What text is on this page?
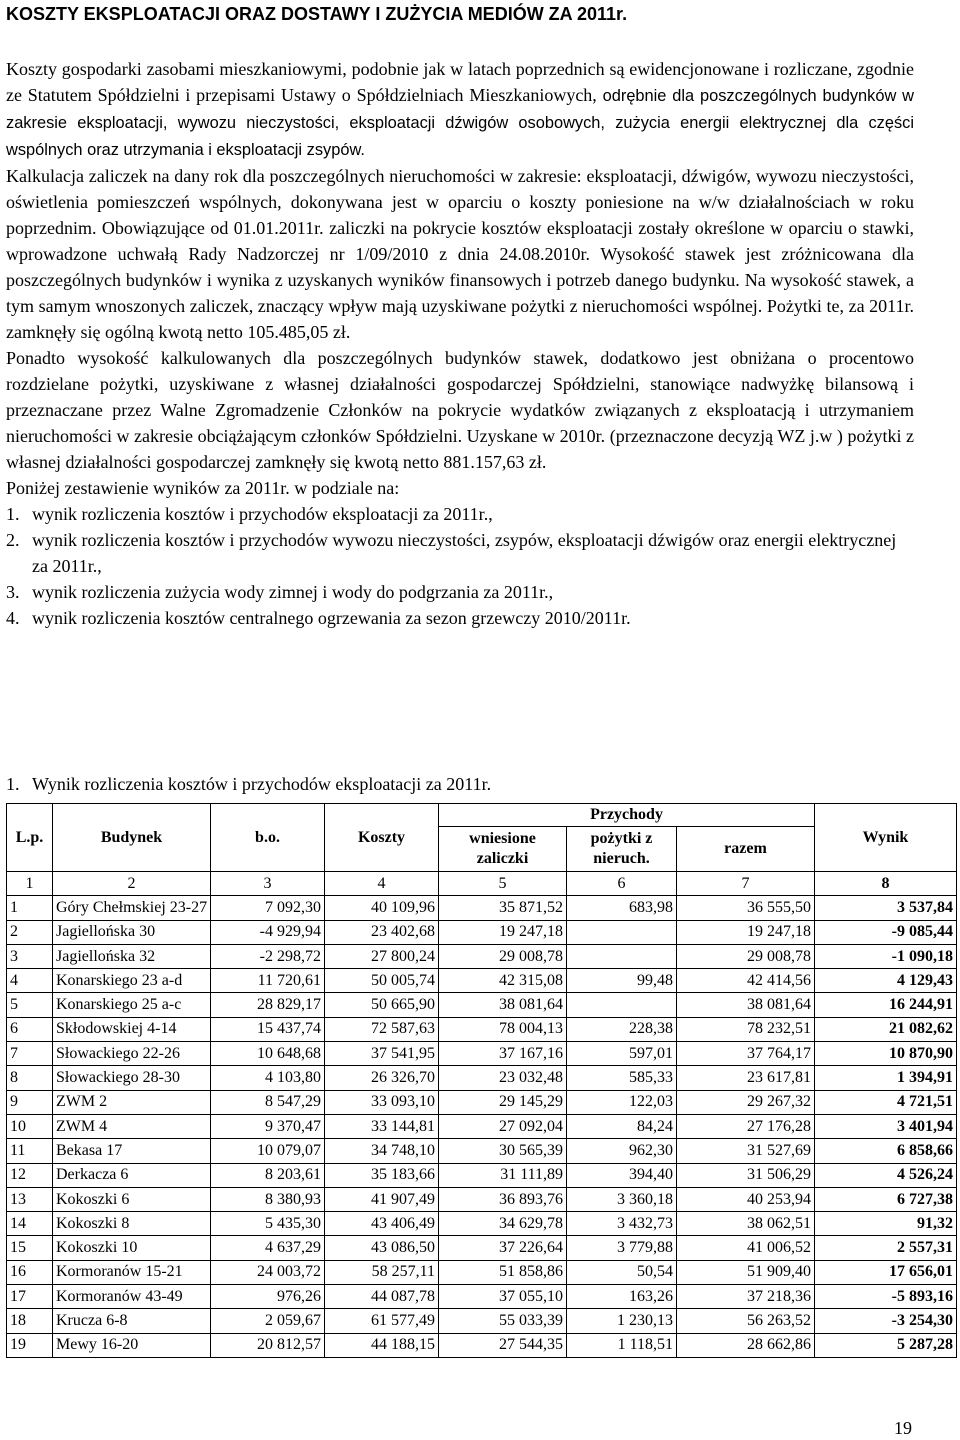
KOSZTY EKSPLOATACJI ORAZ DOSTAWY I ZUŻYCIA MEDIÓW ZA 2011r.

Koszty gospodarki zasobami mieszkaniowymi, podobnie jak w latach poprzednich są ewidencjonowane i rozliczane, zgodnie ze Statutem Spółdzielni i przepisami Ustawy o Spółdzielniach Mieszkaniowych, odrębnie dla poszczególnych budynków w zakresie eksploatacji, wywozu nieczystości, eksploatacji dźwigów osobowych, zużycia energii elektrycznej dla części wspólnych oraz utrzymania i eksploatacji zsypów.

Kalkulacja zaliczek na dany rok dla poszczególnych nieruchomości w zakresie: eksploatacji, dźwigów, wywozu nieczystości, oświetlenia pomieszczeń wspólnych, dokonywana jest w oparciu o koszty poniesione na w/w działalnościach w roku poprzednim. Obowiązujące od 01.01.2011r. zaliczki na pokrycie kosztów eksploatacji zostały określone w oparciu o stawki, wprowadzone uchwałą Rady Nadzorczej nr 1/09/2010 z dnia 24.08.2010r. Wysokość stawek jest zróżnicowana dla poszczególnych budynków i wynika z uzyskanych wyników finansowych i potrzeb danego budynku. Na wysokość stawek, a tym samym wnoszonych zaliczek, znaczący wpływ mają uzyskiwane pożytki z nieruchomości wspólnej. Pożytki te, za 2011r. zamknęły się ogólną kwotą netto 105.485,05 zł.

Ponadto wysokość kalkulowanych dla poszczególnych budynków stawek, dodatkowo jest obniżana o procentowo rozdzielane pożytki, uzyskiwane z własnej działalności gospodarczej Spółdzielni, stanowiące nadwyżkę bilansową i przeznaczane przez Walne Zgromadzenie Członków na pokrycie wydatków związanych z eksploatacją i utrzymaniem nieruchomości w zakresie obciążającym członków Spółdzielni. Uzyskane w 2010r. (przeznaczone decyzją WZ j.w ) pożytki z własnej działalności gospodarczej zamknęły się kwotą netto 881.157,63 zł.

Poniżej zestawienie wyników za 2011r. w podziale na:

1. wynik rozliczenia kosztów i przychodów eksploatacji za 2011r.,
2. wynik rozliczenia kosztów i przychodów wywozu nieczystości, zsypów, eksploatacji dźwigów oraz energii elektrycznej za 2011r.,
3. wynik rozliczenia zużycia wody zimnej i wody do podgrzania za 2011r.,
4. wynik rozliczenia kosztów centralnego ogrzewania za sezon grzewczy 2010/2011r.
1. Wynik rozliczenia kosztów i przychodów eksploatacji za 2011r.
L.p.	Budynek	b.o.	Koszty	Przychody			Wynik
				wniesione zaliczki	pożytki z nieruch.	razem	
1	2	3	4	5	6	7	8
1	Góry Chełmskiej 23-27	7 092,30	40 109,96	35 871,52	683,98	36 555,50	3 537,84
2	Jagiellońska 30	-4 929,94	23 402,68	19 247,18		19 247,18	-9 085,44
3	Jagiellońska 32	-2 298,72	27 800,24	29 008,78		29 008,78	-1 090,18
4	Konarskiego 23 a-d	11 720,61	50 005,74	42 315,08	99,48	42 414,56	4 129,43
5	Konarskiego 25 a-c	28 829,17	50 665,90	38 081,64		38 081,64	16 244,91
6	Skłodowskiej 4-14	15 437,74	72 587,63	78 004,13	228,38	78 232,51	21 082,62
7	Słowackiego 22-26	10 648,68	37 541,95	37 167,16	597,01	37 764,17	10 870,90
8	Słowackiego 28-30	4 103,80	26 326,70	23 032,48	585,33	23 617,81	1 394,91
9	ZWM 2	8 547,29	33 093,10	29 145,29	122,03	29 267,32	4 721,51
10	ZWM 4	9 370,47	33 144,81	27 092,04	84,24	27 176,28	3 401,94
11	Bekasa 17	10 079,07	34 748,10	30 565,39	962,30	31 527,69	6 858,66
12	Derkacza 6	8 203,61	35 183,66	31 111,89	394,40	31 506,29	4 526,24
13	Kokoszki 6	8 380,93	41 907,49	36 893,76	3 360,18	40 253,94	6 727,38
14	Kokoszki 8	5 435,30	43 406,49	34 629,78	3 432,73	38 062,51	91,32
15	Kokoszki 10	4 637,29	43 086,50	37 226,64	3 779,88	41 006,52	2 557,31
16	Kormoranów 15-21	24 003,72	58 257,11	51 858,86	50,54	51 909,40	17 656,01
17	Kormoranów 43-49	976,26	44 087,78	37 055,10	163,26	37 218,36	-5 893,16
18	Krucza 6-8	2 059,67	61 577,49	55 033,39	1 230,13	56 263,52	-3 254,30
19	Mewy 16-20	20 812,57	44 188,15	27 544,35	1 118,51	28 662,86	5 287,28
19
